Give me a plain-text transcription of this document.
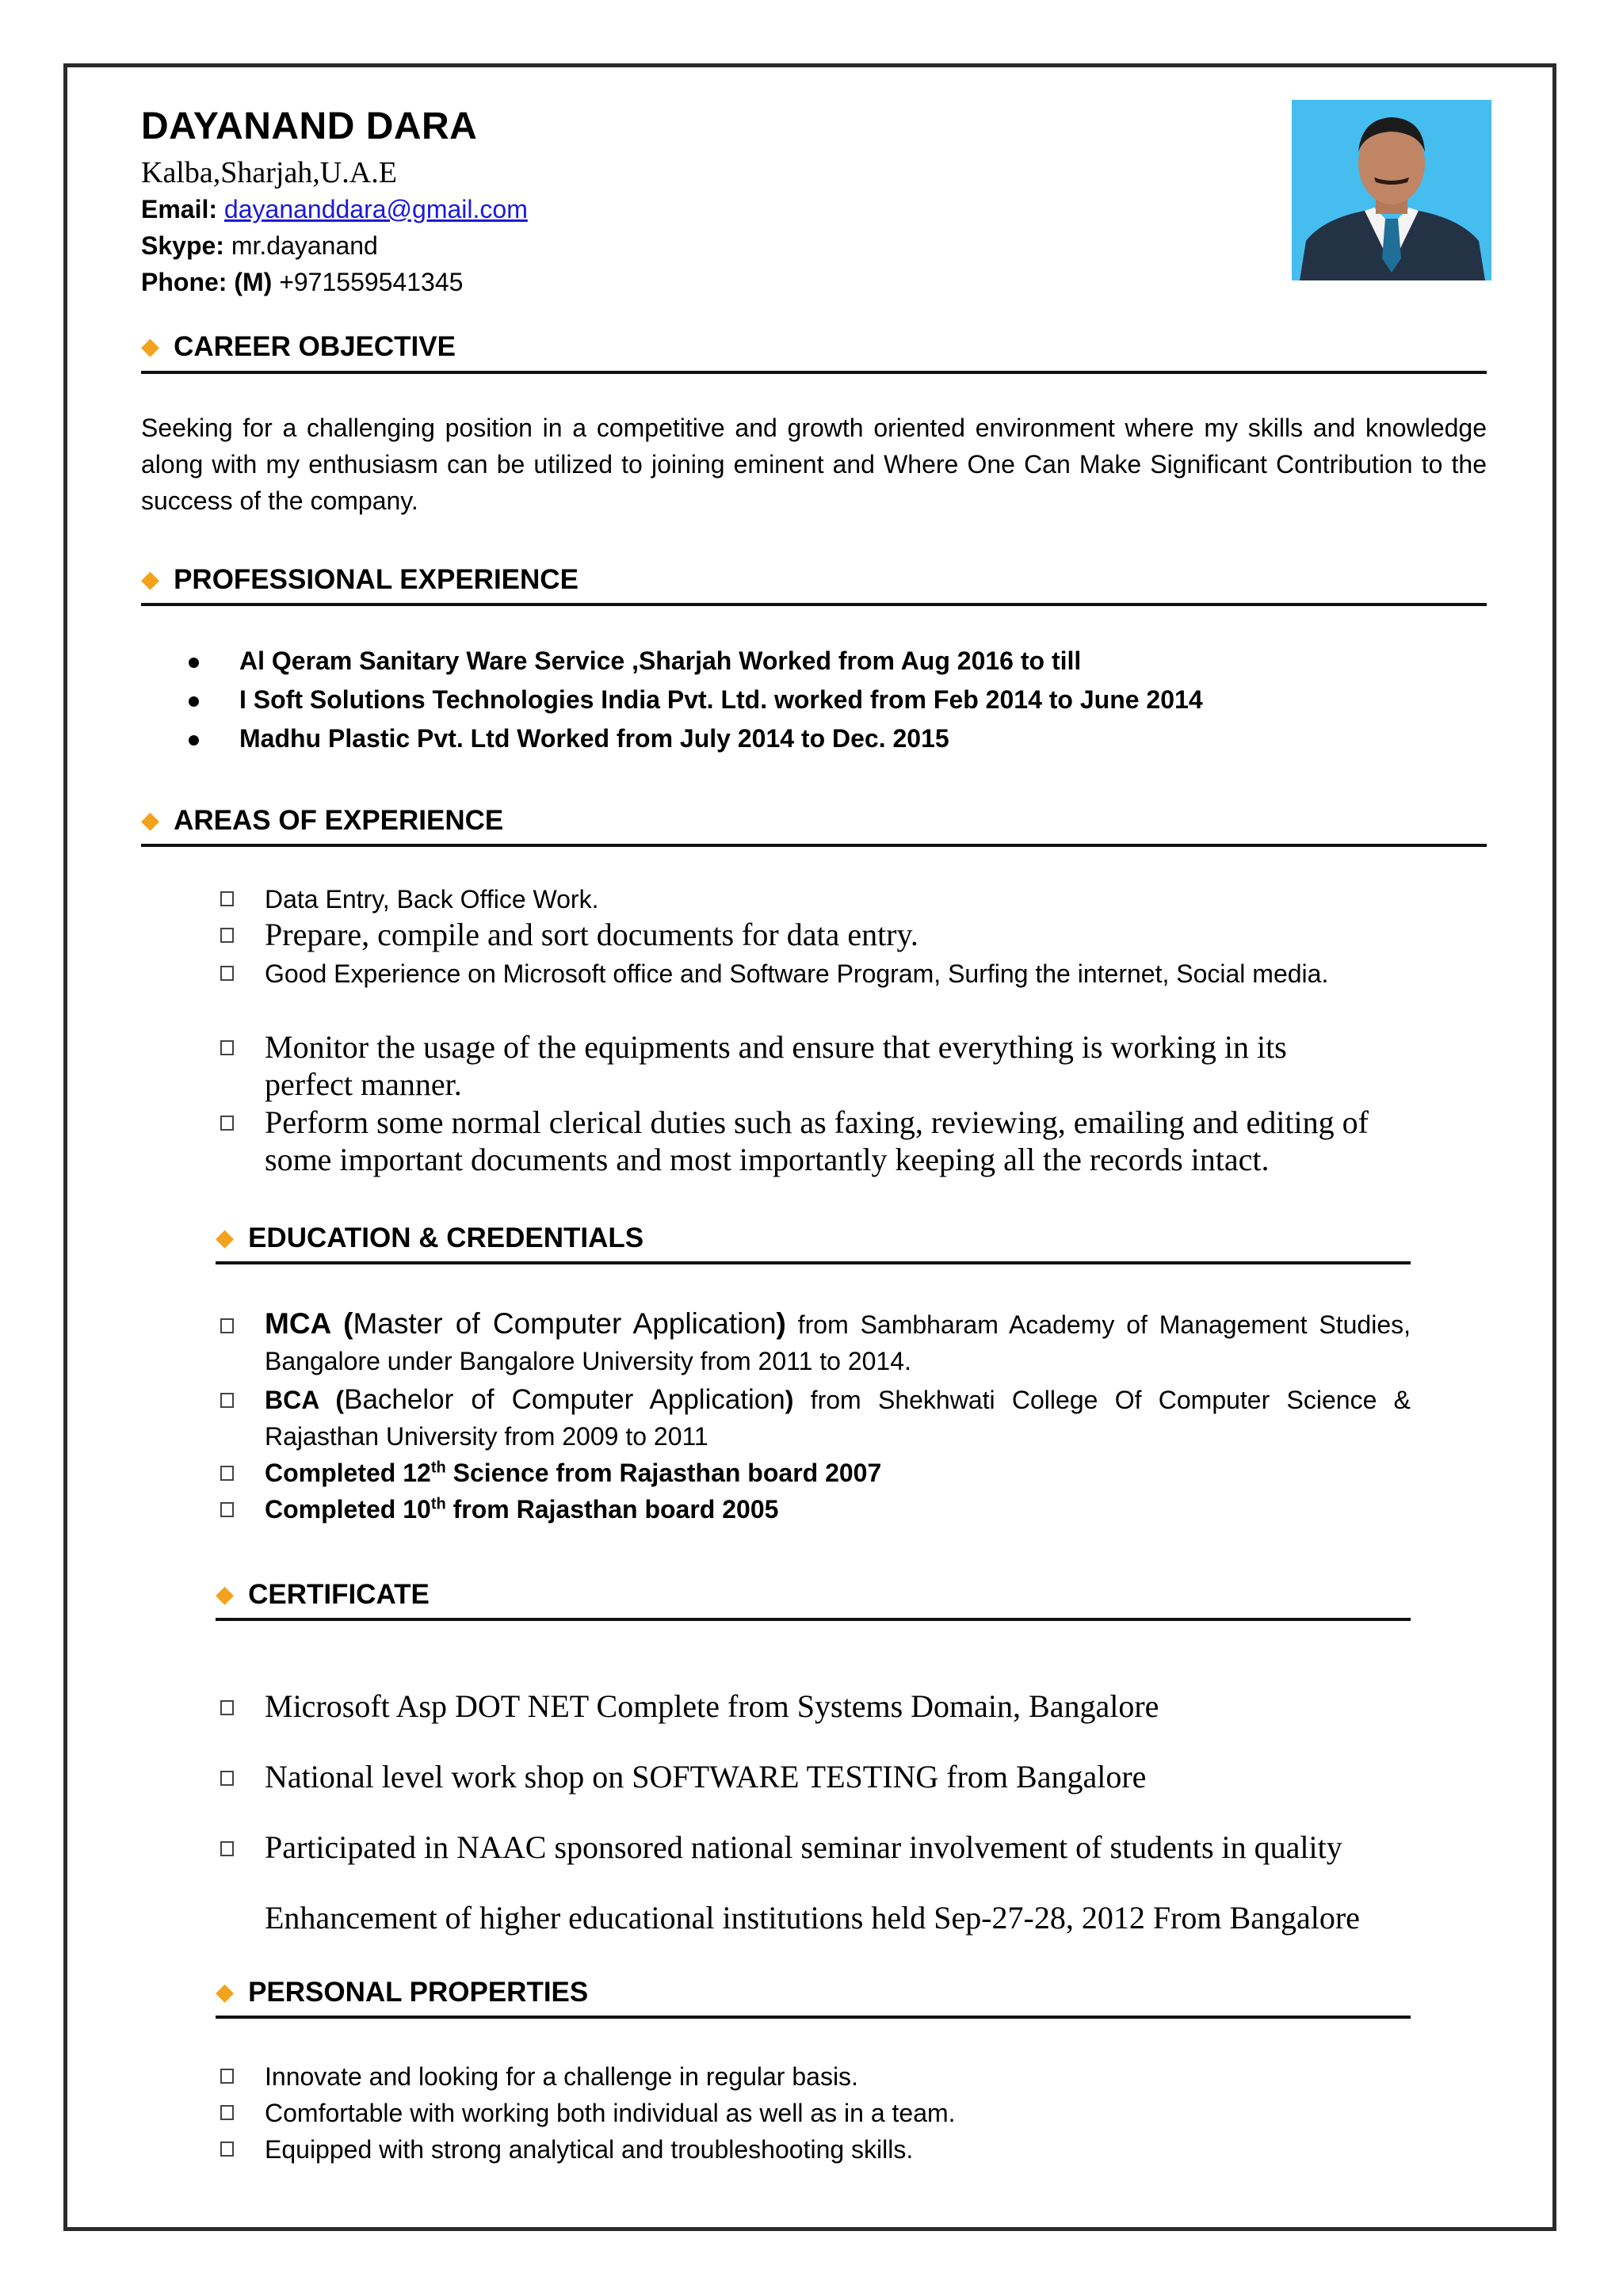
DAYANAND DARA
Kalba,Sharjah,U.A.E
Email: dayananddara@gmail.com
Skype: mr.dayanand
Phone: (M) +971559541345
◆ CAREER OBJECTIVE
Seeking for a challenging position in a competitive and growth oriented environment where my skills and knowledge along with my enthusiasm can be utilized to joining eminent and Where One Can Make Significant Contribution to the success of the company.
◆ PROFESSIONAL EXPERIENCE
Al Qeram Sanitary Ware Service ,Sharjah Worked from Aug 2016 to till
I Soft Solutions Technologies India Pvt. Ltd. worked from Feb 2014 to June 2014
Madhu Plastic Pvt. Ltd Worked from July 2014 to Dec. 2015
◆ AREAS OF EXPERIENCE
Data Entry, Back Office Work.
Prepare, compile and sort documents for data entry.
Good Experience on Microsoft office and Software Program, Surfing the internet, Social media.
Monitor the usage of the equipments and ensure that everything is working in its perfect manner.
Perform some normal clerical duties such as faxing, reviewing, emailing and editing of some important documents and most importantly keeping all the records intact.
◆ EDUCATION & CREDENTIALS
MCA (Master of Computer Application) from Sambharam Academy of Management Studies, Bangalore under Bangalore University from 2011 to 2014.
BCA (Bachelor of Computer Application) from Shekhwati College Of Computer Science & Rajasthan University from 2009 to 2011
Completed 12th Science from Rajasthan board 2007
Completed 10th from Rajasthan board 2005
◆ CERTIFICATE
Microsoft Asp DOT NET Complete from Systems Domain, Bangalore
National level work shop on SOFTWARE TESTING from Bangalore
Participated in NAAC sponsored national seminar involvement of students in quality
Enhancement of higher educational institutions held Sep-27-28, 2012 From Bangalore
◆ PERSONAL PROPERTIES
Innovate and looking for a challenge in regular basis.
Comfortable with working both individual as well as in a team.
Equipped with strong analytical and troubleshooting skills.
